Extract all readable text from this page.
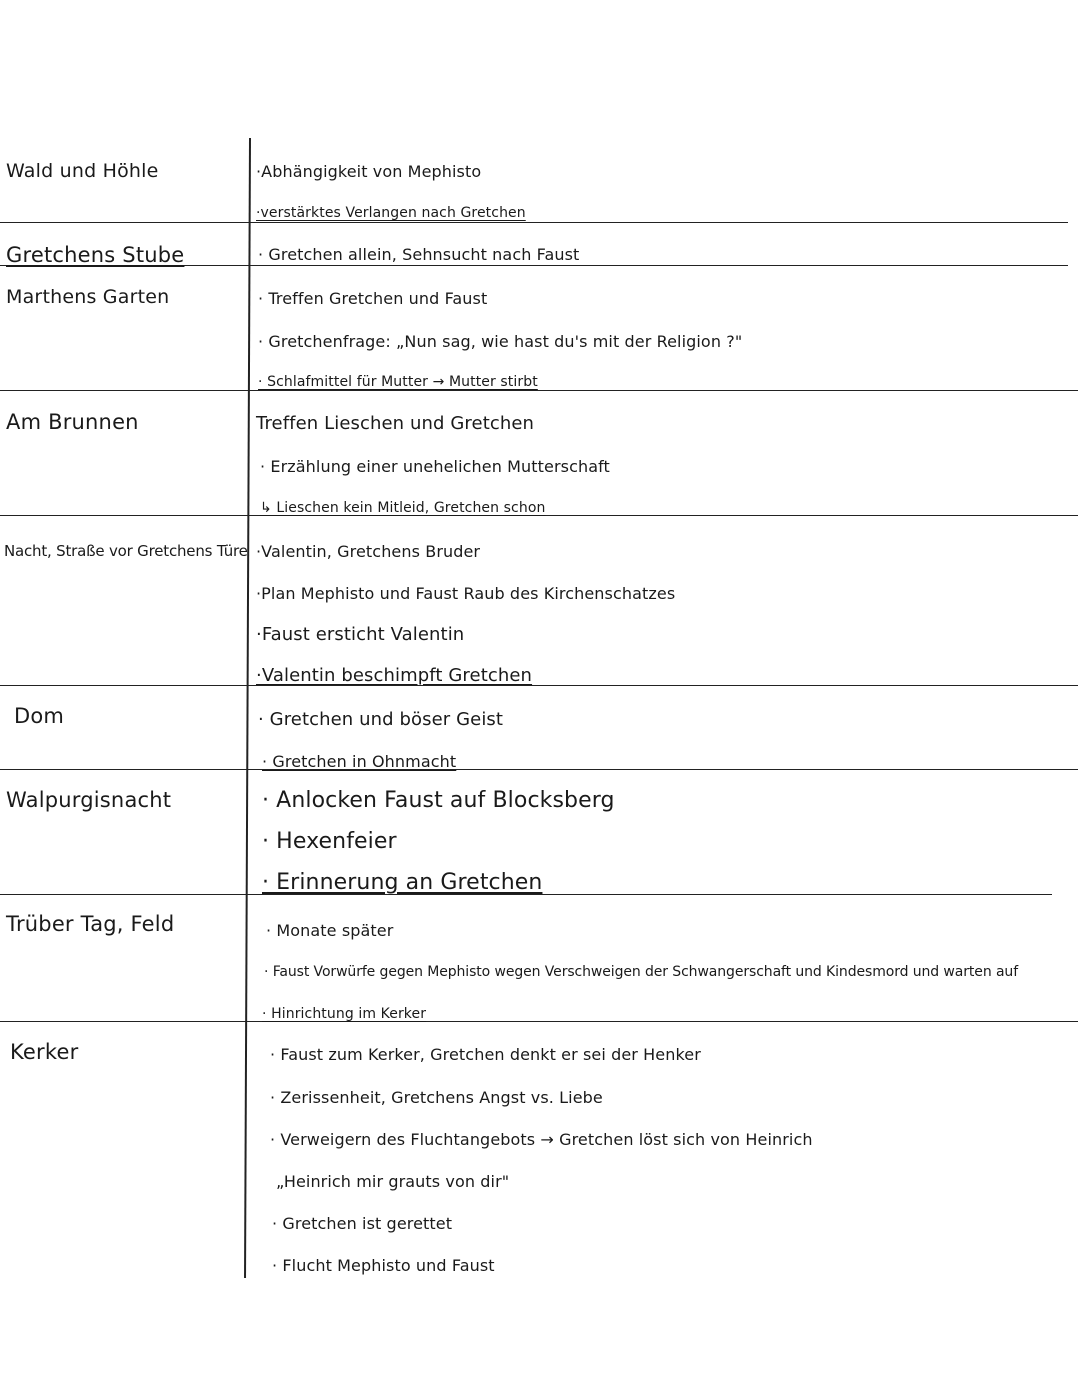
Wald und Höhle	·Abhängigkeit von Mephisto
·verstärktes Verlangen nach Gretchen
Gretchens Stube	· Gretchen allein, Sehnsucht nach Faust
Marthens Garten	· Treffen Gretchen und Faust
· Gretchenfrage: „Nun sag, wie hast du's mit der Religion ?"
· Schlafmittel für Mutter → Mutter stirbt
Am Brunnen	Treffen Lieschen und Gretchen
· Erzählung einer unehelichen Mutterschaft
↳ Lieschen kein Mitleid, Gretchen schon
Nacht, Straße vor Gretchens Türe ·Valentin, Gretchens Bruder
·Plan Mephisto und Faust Raub des Kirchenschatzes
·Faust ersticht Valentin
·Valentin beschimpft Gretchen
Dom	· Gretchen und böser Geist
· Gretchen in Ohnmacht
Walpurgisnacht	· Anlocken Faust auf Blocksberg
· Hexenfeier
· Erinnerung an Gretchen
Trüber Tag, Feld	· Monate später
· Faust Vorwürfe gegen Mephisto wegen Verschweigen der Schwangerschaft und Kindesmord und warten auf
· Hinrichtung im Kerker
Kerker	· Faust zum Kerker, Gretchen denkt er sei der Henker
· Zerissenheit, Gretchens Angst vs. Liebe
· Verweigern des Fluchtangebots → Gretchen löst sich von Heinrich
„Heinrich mir grauts von dir"
· Gretchen ist gerettet
· Flucht Mephisto und Faust
